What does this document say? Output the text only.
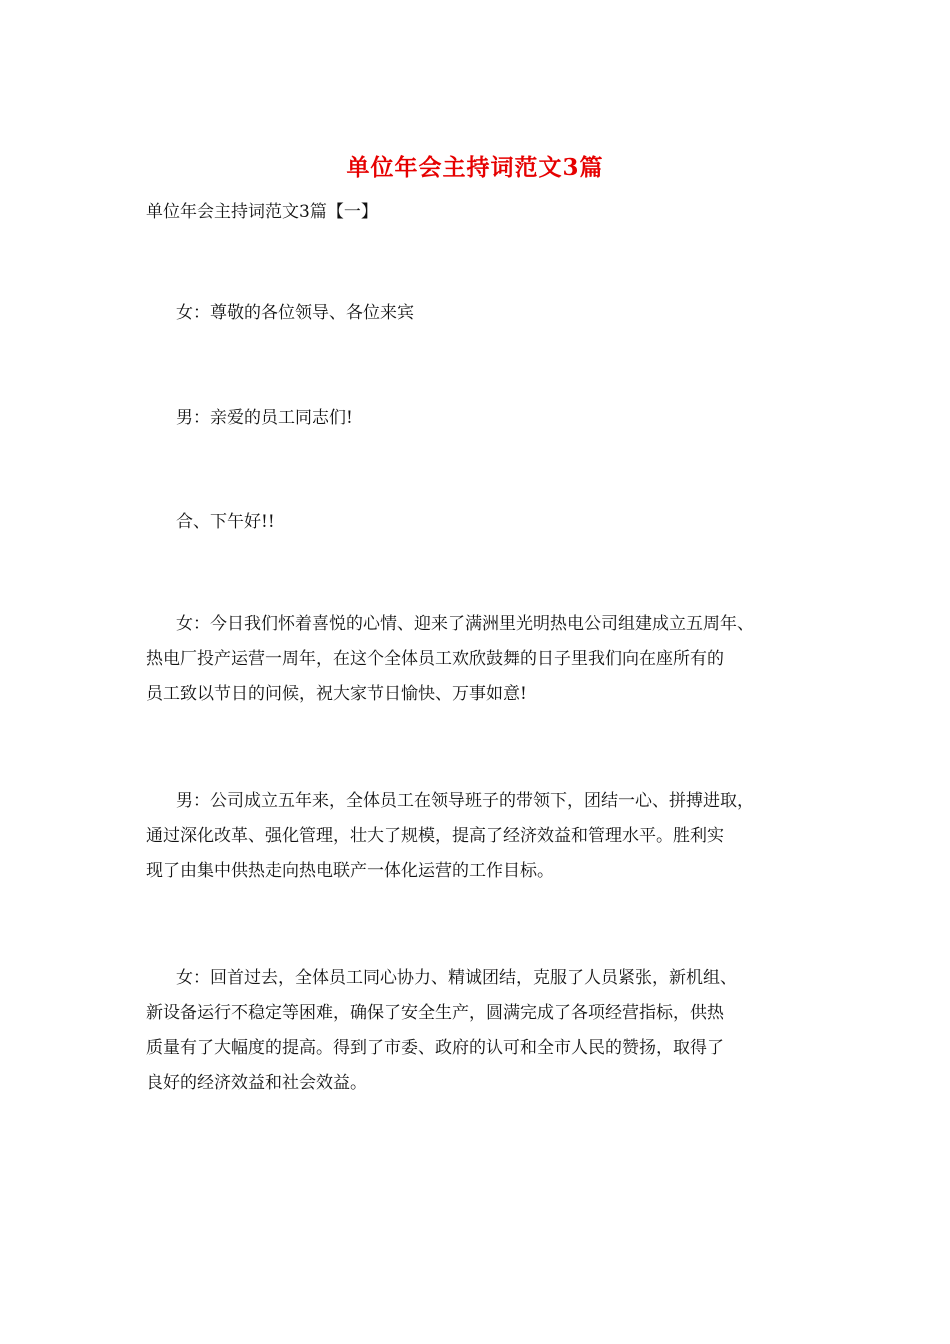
单位年会主持词范文3篇
单位年会主持词范文3篇【一】
女：尊敬的各位领导、各位来宾
男：亲爱的员工同志们!
合、下午好!!
女：今日我们怀着喜悦的心情、迎来了满洲里光明热电公司组建成立五周年、
热电厂投产运营一周年，在这个全体员工欢欣鼓舞的日子里我们向在座所有的
员工致以节日的问候，祝大家节日愉快、万事如意!
男：公司成立五年来，全体员工在领导班子的带领下，团结一心、拼搏进取，
通过深化改革、强化管理，壮大了规模，提高了经济效益和管理水平。胜利实
现了由集中供热走向热电联产一体化运营的工作目标。
女：回首过去，全体员工同心协力、精诚团结，克服了人员紧张，新机组、
新设备运行不稳定等困难，确保了安全生产，圆满完成了各项经营指标，供热
质量有了大幅度的提高。得到了市委、政府的认可和全市人民的赞扬，取得了
良好的经济效益和社会效益。
